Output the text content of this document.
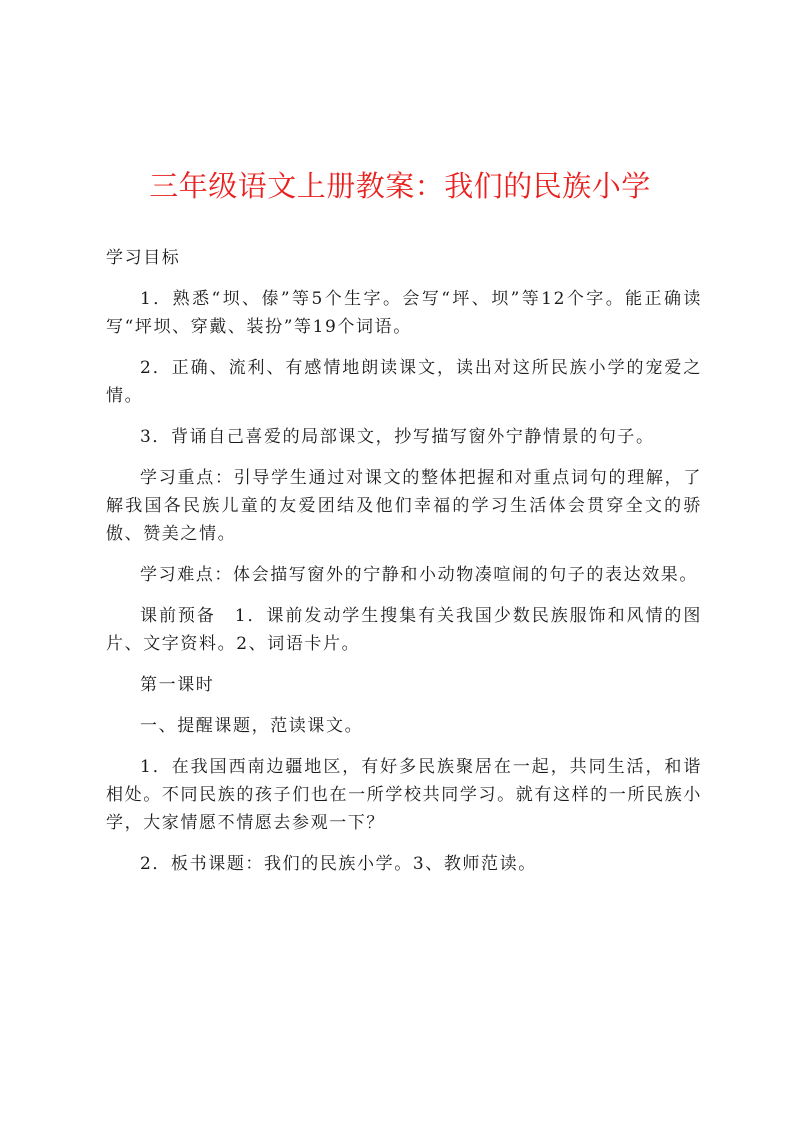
三年级语文上册教案：我们的民族小学

学习目标

1．熟悉“坝、傣”等5个生字。会写“坪、坝”等12个字。能正确读写“坪坝、穿戴、装扮”等19个词语。

2．正确、流利、有感情地朗读课文，读出对这所民族小学的宠爱之情。

3．背诵自己喜爱的局部课文，抄写描写窗外宁静情景的句子。

学习重点：引导学生通过对课文的整体把握和对重点词句的理解，了解我国各民族儿童的友爱团结及他们幸福的学习生活体会贯穿全文的骄傲、赞美之情。

学习难点：体会描写窗外的宁静和小动物凑喧闹的句子的表达效果。

课前预备　1．课前发动学生搜集有关我国少数民族服饰和风情的图片、文字资料。2、词语卡片。

第一课时

一、提醒课题，范读课文。

1．在我国西南边疆地区，有好多民族聚居在一起，共同生活，和谐相处。不同民族的孩子们也在一所学校共同学习。就有这样的一所民族小学，大家情愿不情愿去参观一下？

2．板书课题：我们的民族小学。3、教师范读。
